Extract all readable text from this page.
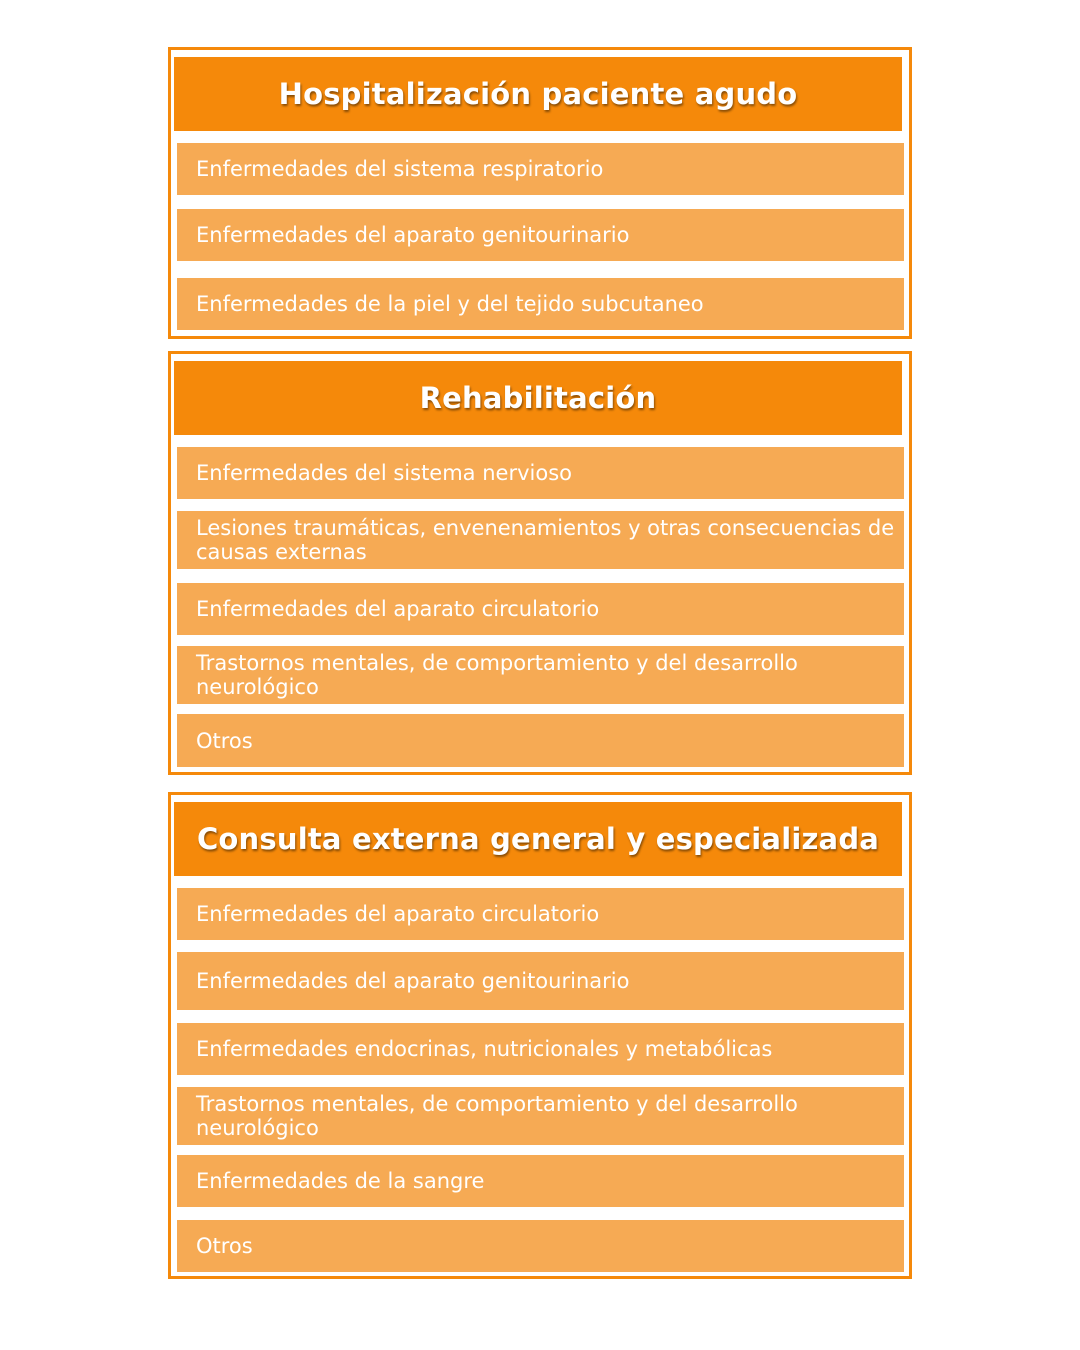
Hospitalización paciente agudo
Enfermedades del sistema respiratorio
Enfermedades del aparato genitourinario
Enfermedades de la piel y del tejido subcutaneo
Rehabilitación
Enfermedades del sistema nervioso
Lesiones traumáticas, envenenamientos y otras consecuencias de causas externas
Enfermedades del aparato circulatorio
Trastornos mentales, de comportamiento y del desarrollo neurológico
Otros
Consulta externa general y especializada
Enfermedades del aparato circulatorio
Enfermedades del aparato genitourinario
Enfermedades endocrinas, nutricionales y metabólicas
Trastornos mentales, de comportamiento y del desarrollo neurológico
Enfermedades de la sangre
Otros
